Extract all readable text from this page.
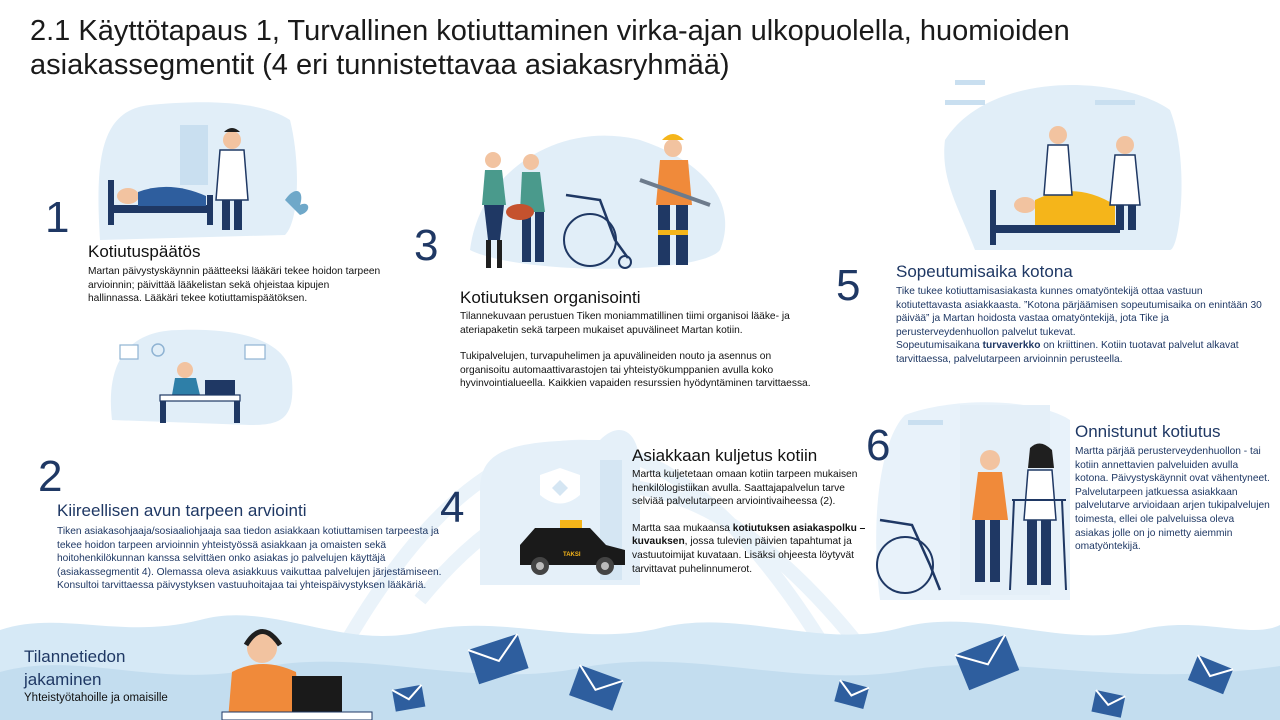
TAKSI
2.1 Käyttötapaus 1, Turvallinen kotiuttaminen virka-ajan ulkopuolella, huomioiden asiakassegmentit (4 eri tunnistettavaa asiakasryhmää)
1
Kotiutuspäätös

Martan päivystyskäynnin päätteeksi lääkäri tekee hoidon tarpeen arvioinnin; päivittää lääkelistan sekä ohjeistaa kipujen hallinnassa. Lääkäri tekee kotiuttamispäätöksen.

2
Kiireellisen avun tarpeen arviointi

Tiken asiakasohjaaja/sosiaaliohjaaja saa tiedon asiakkaan kotiuttamisen tarpeesta ja tekee hoidon tarpeen arvioinnin yhteistyössä asiakkaan ja omaisten sekä hoitohenkilökunnan kanssa selvittäen onko asiakas jo palvelujen käyttäjä (asiakassegmentit 4). Olemassa oleva asiakkuus vaikuttaa palvelujen järjestämiseen. Konsultoi tarvittaessa päivystyksen vastuuhoitajaa tai yhteispäivystyksen lääkäriä.

3
Kotiutuksen organisointi

Tilannekuvaan perustuen Tiken moniammatillinen tiimi organisoi lääke- ja ateriapaketin sekä tarpeen mukaiset apuvälineet Martan kotiin.

Tukipalvelujen, turvapuhelimen ja apuvälineiden nouto ja asennus on organisoitu automaattivarastojen tai yhteistyökumppanien avulla koko hyvinvointialueella. Kaikkien vapaiden resurssien hyödyntäminen tarvittaessa.

4
Asiakkaan kuljetus kotiin

Martta kuljetetaan omaan kotiin tarpeen mukaisen henkilölogistiikan avulla. Saattajapalvelun tarve selviää palvelutarpeen arviointivaiheessa (2).

Martta saa mukaansa kotiutuksen asiakaspolku –kuvauksen, jossa tulevien päivien tapahtumat ja vastuutoimijat kuvataan. Lisäksi ohjeesta löytyvät tarvittavat puhelinnumerot.

5 Sopeutumisaika kotona

Tike tukee kotiuttamisasiakasta kunnes omatyöntekijä ottaa vastuun kotiutettavasta asiakkaasta. ”Kotona pärjäämisen sopeutumisaika on enintään 30 päivää” ja Martan hoidosta vastaa omatyöntekijä, jota Tike ja perusterveydenhuollon palvelut tukevat.

Sopeutumisaikana turvaverkko on kriittinen. Kotiin tuotavat palvelut alkavat tarvittaessa, palvelutarpeen arvioinnin perusteella.

6	Onnistunut kotiutus

Martta pärjää perusterveydenhuollon - tai kotiin annettavien palveluiden avulla kotona. Päivystyskäynnit ovat vähentyneet.

Palvelutarpeen jatkuessa asiakkaan palvelutarve arvioidaan arjen tukipalvelujen toimesta, ellei ole palveluissa oleva asiakas jolle on jo nimetty aiemmin omatyöntekijä.

Tilannetiedon
jakaminen
Yhteistyötahoille ja omaisille
